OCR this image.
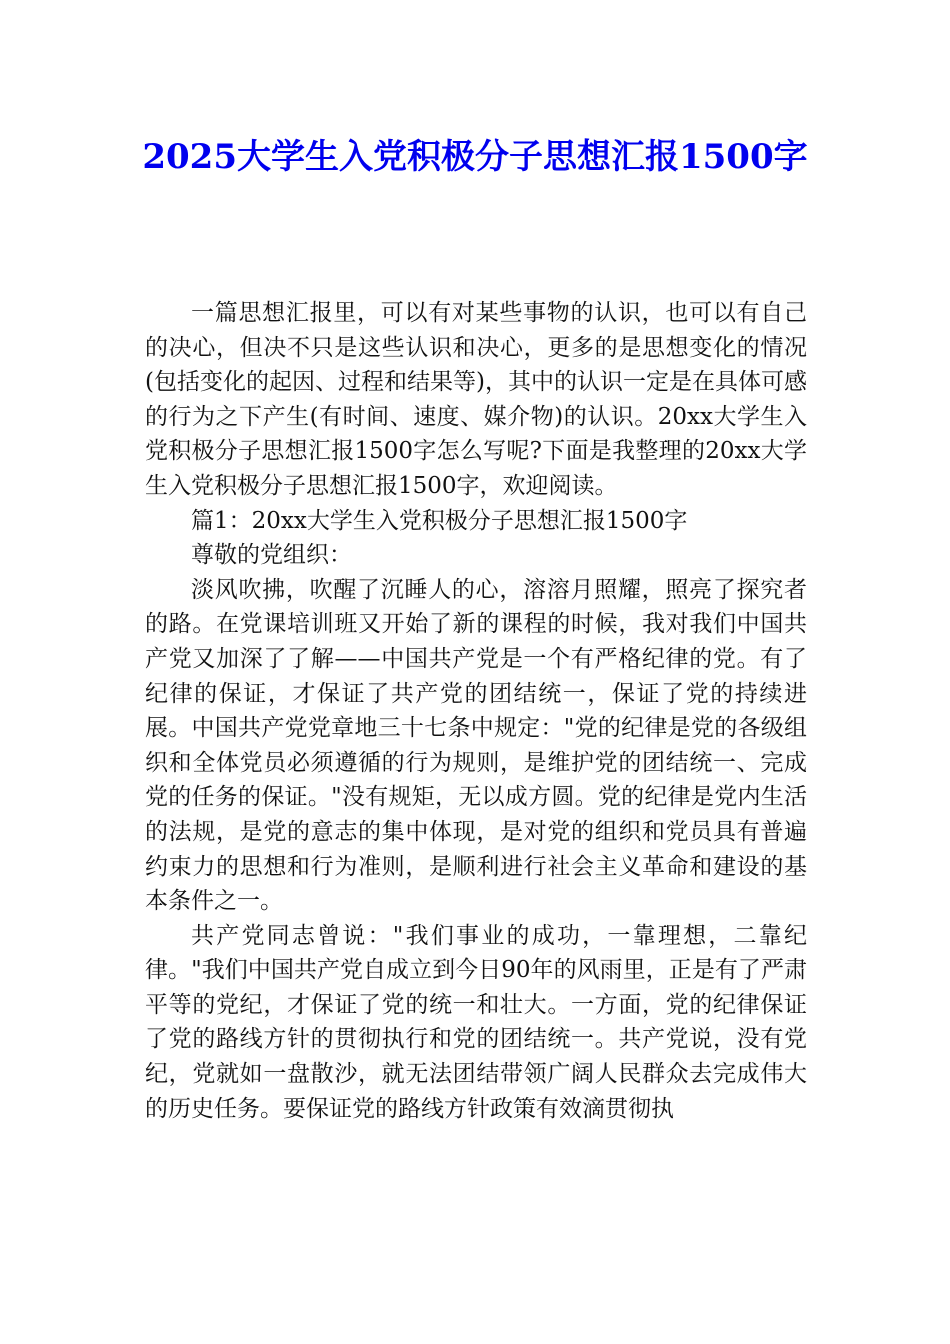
2025大学生入党积极分子思想汇报1500字

一篇思想汇报里，可以有对某些事物的认识，也可以有自己的决心，但决不只是这些认识和决心，更多的是思想变化的情况(包括变化的起因、过程和结果等)，其中的认识一定是在具体可感的行为之下产生(有时间、速度、媒介物)的认识。20xx大学生入党积极分子思想汇报1500字怎么写呢?下面是我整理的20xx大学生入党积极分子思想汇报1500字，欢迎阅读。

篇1：20xx大学生入党积极分子思想汇报1500字

尊敬的党组织：

淡风吹拂，吹醒了沉睡人的心，溶溶月照耀，照亮了探究者的路。在党课培训班又开始了新的课程的时候，我对我们中国共产党又加深了了解——中国共产党是一个有严格纪律的党。有了纪律的保证，才保证了共产党的团结统一，保证了党的持续进展。中国共产党党章地三十七条中规定："党的纪律是党的各级组织和全体党员必须遵循的行为规则，是维护党的团结统一、完成党的任务的保证。"没有规矩，无以成方圆。党的纪律是党内生活的法规，是党的意志的集中体现，是对党的组织和党员具有普遍约束力的思想和行为准则，是顺利进行社会主义革命和建设的基本条件之一。

共产党同志曾说："我们事业的成功，一靠理想，二靠纪律。"我们中国共产党自成立到今日90年的风雨里，正是有了严肃平等的党纪，才保证了党的统一和壮大。一方面，党的纪律保证了党的路线方针的贯彻执行和党的团结统一。共产党说，没有党纪，党就如一盘散沙，就无法团结带领广阔人民群众去完成伟大的历史任务。要保证党的路线方针政策有效滴贯彻执
